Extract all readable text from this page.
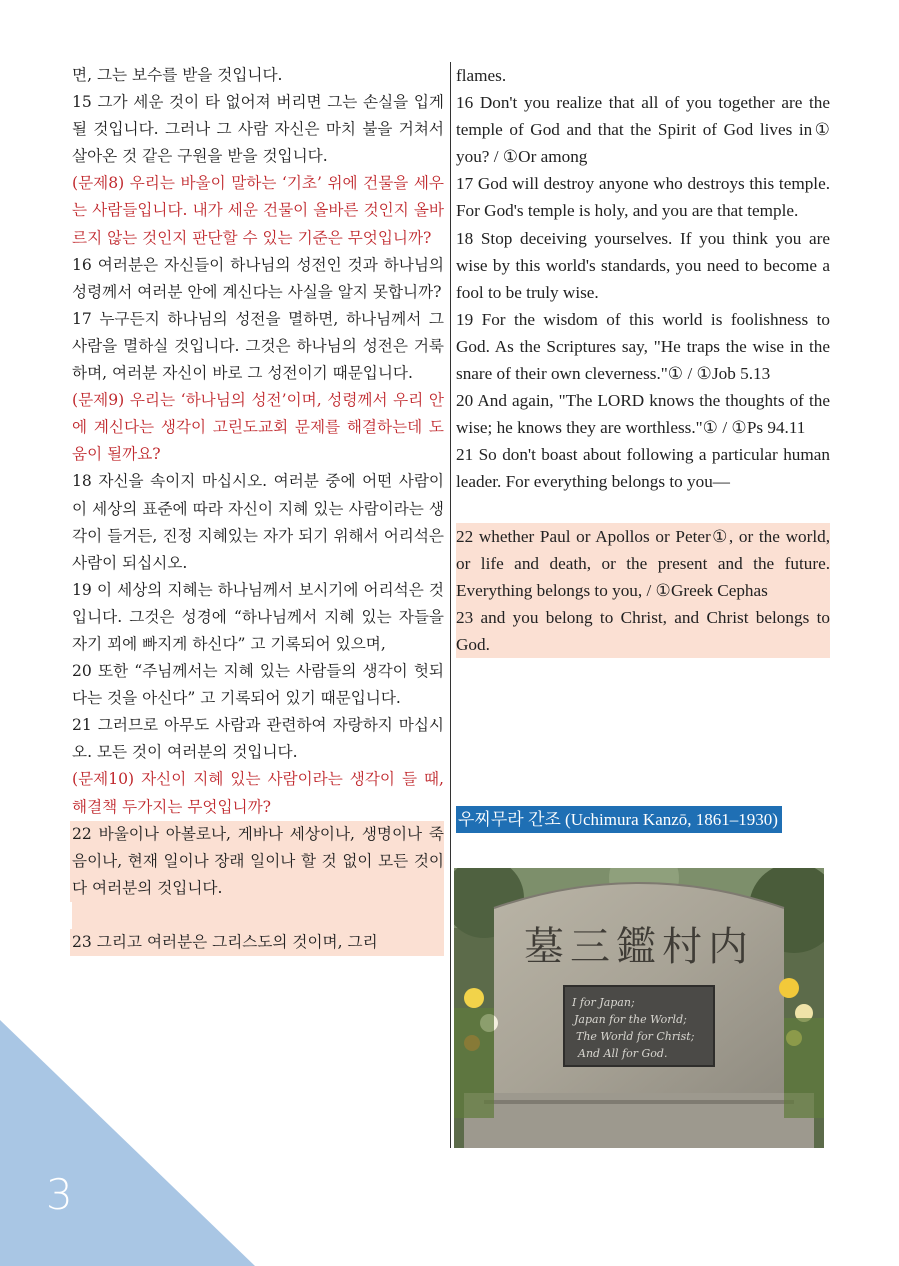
3

면, 그는 보수를 받을 것입니다.

15 그가 세운 것이 타 없어져 버리면 그는 손실을 입게 될 것입니다. 그러나 그 사람 자신은 마치 불을 거쳐서 살아온 것 같은 구원을 받을 것입니다.

(문제8) 우리는 바울이 말하는 ‘기초’ 위에 건물을 세우는 사람들입니다. 내가 세운 건물이 올바른 것인지 올바르지 않는 것인지 판단할 수 있는 기준은 무엇입니까?

16 여러분은 자신들이 하나님의 성전인 것과 하나님의 성령께서 여러분 안에 계신다는 사실을 알지 못합니까?

17 누구든지 하나님의 성전을 멸하면, 하나님께서 그 사람을 멸하실 것입니다. 그것은 하나님의 성전은 거룩하며, 여러분 자신이 바로 그 성전이기 때문입니다.

(문제9) 우리는 ‘하나님의 성전’이며, 성령께서 우리 안에 계신다는 생각이 고린도교회 문제를 해결하는데 도움이 될까요?

18 자신을 속이지 마십시오. 여러분 중에 어떤 사람이 이 세상의 표준에 따라 자신이 지혜 있는 사람이라는 생각이 들거든, 진정 지혜있는 자가 되기 위해서 어리석은 사람이 되십시오.

19 이 세상의 지혜는 하나님께서 보시기에 어리석은 것입니다. 그것은 성경에 “하나님께서 지혜 있는 자들을 자기 꾀에 빠지게 하신다” 고 기록되어 있으며,

20 또한 “주님께서는 지혜 있는 사람들의 생각이 헛되다는 것을 아신다” 고 기록되어 있기 때문입니다.

21 그러므로 아무도 사람과 관련하여 자랑하지 마십시오. 모든 것이 여러분의 것입니다.

(문제10) 자신이 지혜 있는 사람이라는 생각이 들 때, 해결책 두가지는 무엇입니까?

22 바울이나 아볼로나, 게바나 세상이나, 생명이나 죽음이나, 현재 일이나 장래 일이나 할 것 없이 모든 것이 다 여러분의 것입니다.

23 그리고 여러분은 그리스도의 것이며, 그리

flames.

16 Don't you realize that all of you together are the temple of God and that the Spirit of God lives in① you? / ①Or among

17 God will destroy anyone who destroys this temple. For God's temple is holy, and you are that temple.

18 Stop deceiving yourselves. If you think you are wise by this world's standards, you need to become a fool to be truly wise.

19 For the wisdom of this world is foolishness to God. As the Scriptures say, "He traps the wise in the snare of their own cleverness."① / ①Job 5.13

20 And again, "The LORD knows the thoughts of the wise; he knows they are worthless."① / ①Ps 94.11

21 So don't boast about following a particular human leader. For everything belongs to you—

22 whether Paul or Apollos or Peter①, or the world, or life and death, or the present and the future. Everything belongs to you, / ①Greek Cephas

23 and you belong to Christ, and Christ belongs to God.

우찌무라 간조 (Uchimura Kanzō, 1861–1930)
墓三鑑村内
I for Japan;
Japan for the World;
The World for Christ;
And All for God.
